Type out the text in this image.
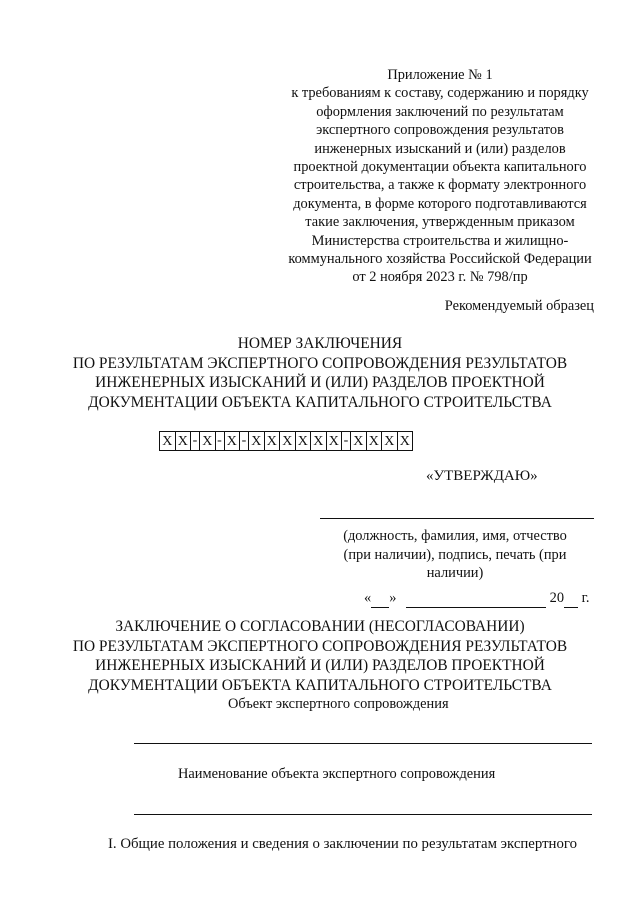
Приложение № 1
к требованиям к составу, содержанию и порядку
оформления заключений по результатам
экспертного сопровождения результатов
инженерных изысканий и (или) разделов
проектной документации объекта капитального
строительства, а также к формату электронного
документа, в форме которого подготавливаются
такие заключения, утвержденным приказом
Министерства строительства и жилищно-
коммунального хозяйства Российской Федерации
от 2 ноября 2023 г. № 798/пр
Рекомендуемый образец
НОМЕР ЗАКЛЮЧЕНИЯ
ПО РЕЗУЛЬТАТАМ ЭКСПЕРТНОГО СОПРОВОЖДЕНИЯ РЕЗУЛЬТАТОВ
ИНЖЕНЕРНЫХ ИЗЫСКАНИЙ И (ИЛИ) РАЗДЕЛОВ ПРОЕКТНОЙ
ДОКУМЕНТАЦИИ ОБЪЕКТА КАПИТАЛЬНОГО СТРОИТЕЛЬСТВА
X X - X - X - X X X X X X - X X X X
«УТВЕРЖДАЮ»
(должность, фамилия, имя, отчество
(при наличии), подпись, печать (при
наличии)
« »	20 г.
ЗАКЛЮЧЕНИЕ О СОГЛАСОВАНИИ (НЕСОГЛАСОВАНИИ)
ПО РЕЗУЛЬТАТАМ ЭКСПЕРТНОГО СОПРОВОЖДЕНИЯ РЕЗУЛЬТАТОВ
ИНЖЕНЕРНЫХ ИЗЫСКАНИЙ И (ИЛИ) РАЗДЕЛОВ ПРОЕКТНОЙ
ДОКУМЕНТАЦИИ ОБЪЕКТА КАПИТАЛЬНОГО СТРОИТЕЛЬСТВА
Объект экспертного сопровождения
Наименование объекта экспертного сопровождения
I. Общие положения и сведения о заключении по результатам экспертного
